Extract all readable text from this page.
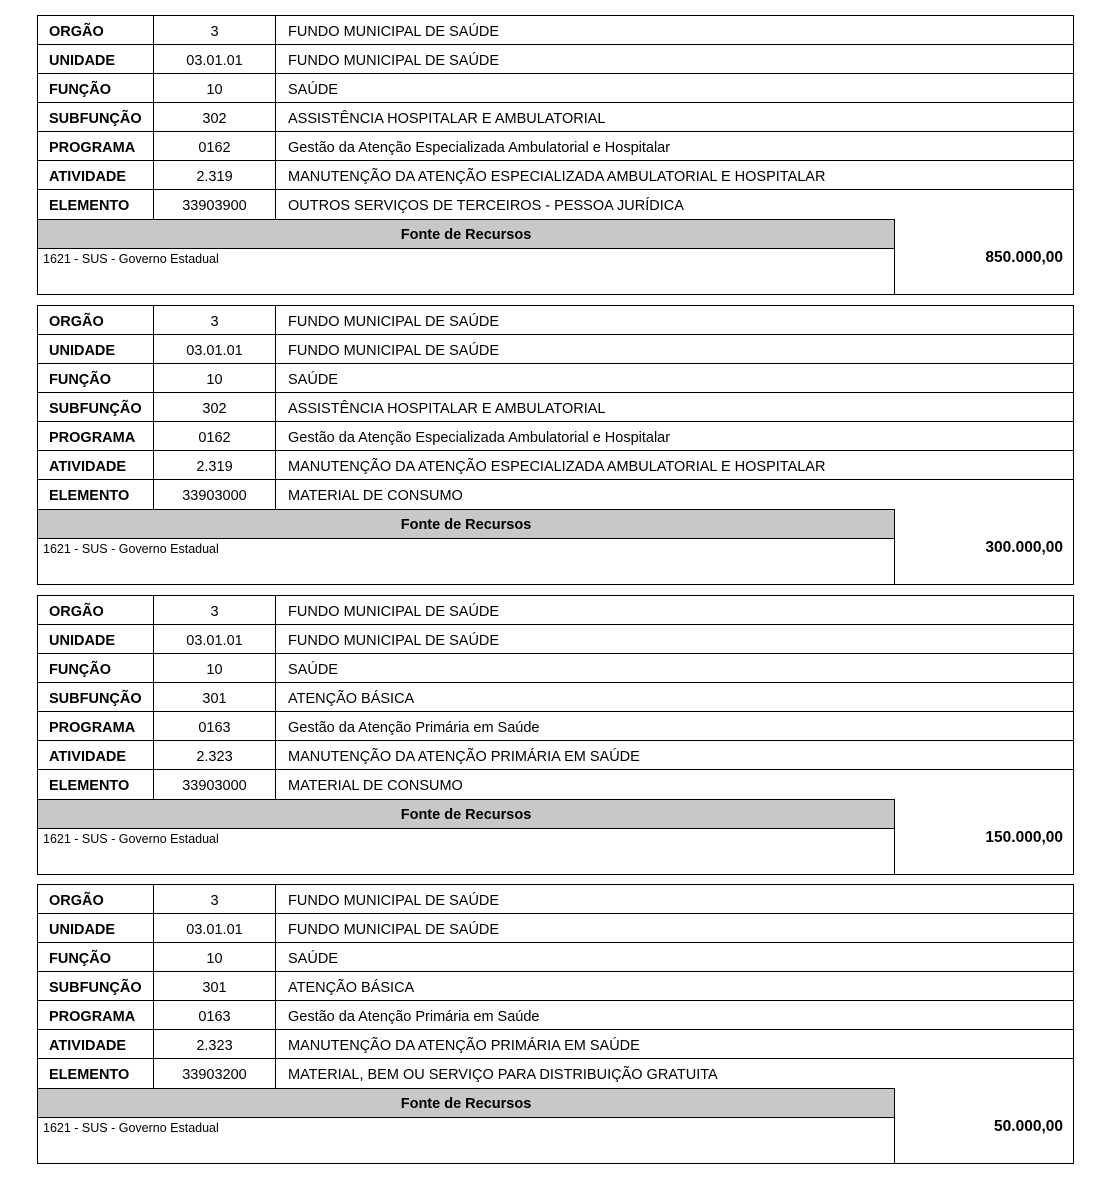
ORGÃO	3	FUNDO MUNICIPAL DE SAÚDE
UNIDADE	03.01.01	FUNDO MUNICIPAL DE SAÚDE
FUNÇÃO	10	SAÚDE
SUBFUNÇÃO	302	ASSISTÊNCIA HOSPITALAR E AMBULATORIAL
PROGRAMA	0162	Gestão da Atenção Especializada Ambulatorial e Hospitalar
ATIVIDADE	2.319	MANUTENÇÃO DA ATENÇÃO ESPECIALIZADA AMBULATORIAL E HOSPITALAR
ELEMENTO	33903900	OUTROS SERVIÇOS DE TERCEIROS - PESSOA JURÍDICA
Fonte de Recursos
1621 - SUS - Governo Estadual	850.000,00
ORGÃO	3	FUNDO MUNICIPAL DE SAÚDE
UNIDADE	03.01.01	FUNDO MUNICIPAL DE SAÚDE
FUNÇÃO	10	SAÚDE
SUBFUNÇÃO	302	ASSISTÊNCIA HOSPITALAR E AMBULATORIAL
PROGRAMA	0162	Gestão da Atenção Especializada Ambulatorial e Hospitalar
ATIVIDADE	2.319	MANUTENÇÃO DA ATENÇÃO ESPECIALIZADA AMBULATORIAL E HOSPITALAR
ELEMENTO	33903000	MATERIAL DE CONSUMO
Fonte de Recursos
1621 - SUS - Governo Estadual	300.000,00
ORGÃO	3	FUNDO MUNICIPAL DE SAÚDE
UNIDADE	03.01.01	FUNDO MUNICIPAL DE SAÚDE
FUNÇÃO	10	SAÚDE
SUBFUNÇÃO	301	ATENÇÃO BÁSICA
PROGRAMA	0163	Gestão da Atenção Primária em Saúde
ATIVIDADE	2.323	MANUTENÇÃO DA ATENÇÃO PRIMÁRIA EM SAÚDE
ELEMENTO	33903000	MATERIAL DE CONSUMO
Fonte de Recursos
1621 - SUS - Governo Estadual	150.000,00
ORGÃO	3	FUNDO MUNICIPAL DE SAÚDE
UNIDADE	03.01.01	FUNDO MUNICIPAL DE SAÚDE
FUNÇÃO	10	SAÚDE
SUBFUNÇÃO	301	ATENÇÃO BÁSICA
PROGRAMA	0163	Gestão da Atenção Primária em Saúde
ATIVIDADE	2.323	MANUTENÇÃO DA ATENÇÃO PRIMÁRIA EM SAÚDE
ELEMENTO	33903200	MATERIAL, BEM OU SERVIÇO PARA DISTRIBUIÇÃO GRATUITA
Fonte de Recursos
1621 - SUS - Governo Estadual	50.000,00
